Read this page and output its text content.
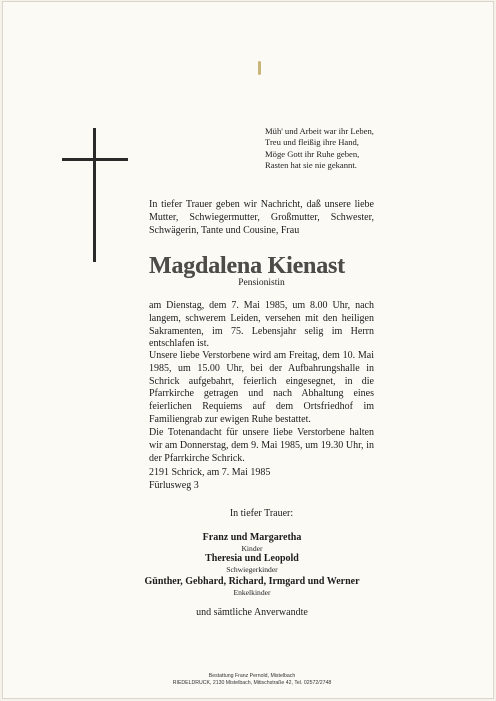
Müh' und Arbeit war ihr Leben,
Treu und fleißig ihre Hand,
Möge Gott ihr Ruhe geben,
Rasten hat sie nie gekannt.
In tiefer Trauer geben wir Nachricht, daß unsere liebe Mutter, Schwiegermutter, Großmutter, Schwester, Schwägerin, Tante und Cousine, Frau
Magdalena Kienast
Pensionistin
am Dienstag, dem 7. Mai 1985, um 8.00 Uhr, nach langem, schwerem Leiden, versehen mit den heiligen Sakramenten, im 75. Lebensjahr selig im Herrn entschlafen ist.
Unsere liebe Verstorbene wird am Freitag, dem 10. Mai 1985, um 15.00 Uhr, bei der Aufbahrungshalle in Schrick aufgebahrt, feierlich eingesegnet, in die Pfarrkirche getragen und nach Abhaltung eines feierlichen Requiems auf dem Ortsfriedhof im Familiengrab zur ewigen Ruhe bestattet.
Die Totenandacht für unsere liebe Verstorbene halten wir am Donnerstag, dem 9. Mai 1985, um 19.30 Uhr, in der Pfarrkirche Schrick.
2191 Schrick, am 7. Mai 1985
Fürlusweg 3
In tiefer Trauer:
Franz und Margaretha
Kinder
Theresia und Leopold
Schwiegerkinder
Günther, Gebhard, Richard, Irmgard und Werner
Enkelkinder
und sämtliche Anverwandte
Bestattung Franz Pernold, Mistelbach
RIEDELDRUCK, 2130 Mistelbach, Mitischstraße 42, Tel. 02572/2748
